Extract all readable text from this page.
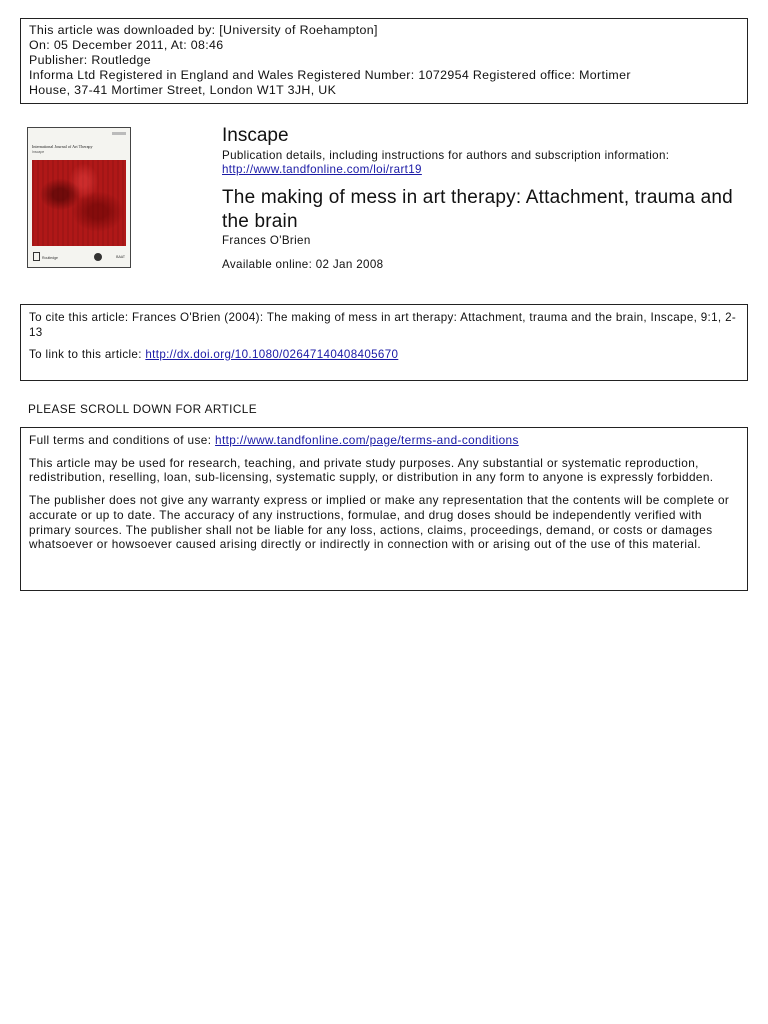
This article was downloaded by: [University of Roehampton]
On: 05 December 2011, At: 08:46
Publisher: Routledge
Informa Ltd Registered in England and Wales Registered Number: 1072954 Registered office: Mortimer
House, 37-41 Mortimer Street, London W1T 3JH, UK
International Journal of Art Therapy
Inscape
Routledge	BAAT
Inscape
Publication details, including instructions for authors and subscription information:
http://www.tandfonline.com/loi/rart19
The making of mess in art therapy: Attachment, trauma and the brain
Frances O'Brien
Available online: 02 Jan 2008
To cite this article: Frances O'Brien (2004): The making of mess in art therapy: Attachment, trauma and the brain, Inscape, 9:1, 2-13
To link to this article: http://dx.doi.org/10.1080/02647140408405670
PLEASE SCROLL DOWN FOR ARTICLE

Full terms and conditions of use: http://www.tandfonline.com/page/terms-and-conditions

This article may be used for research, teaching, and private study purposes. Any substantial or systematic reproduction, redistribution, reselling, loan, sub-licensing, systematic supply, or distribution in any form to anyone is expressly forbidden.

The publisher does not give any warranty express or implied or make any representation that the contents will be complete or accurate or up to date. The accuracy of any instructions, formulae, and drug doses should be independently verified with primary sources. The publisher shall not be liable for any loss, actions, claims, proceedings, demand, or costs or damages whatsoever or howsoever caused arising directly or indirectly in connection with or arising out of the use of this material.
